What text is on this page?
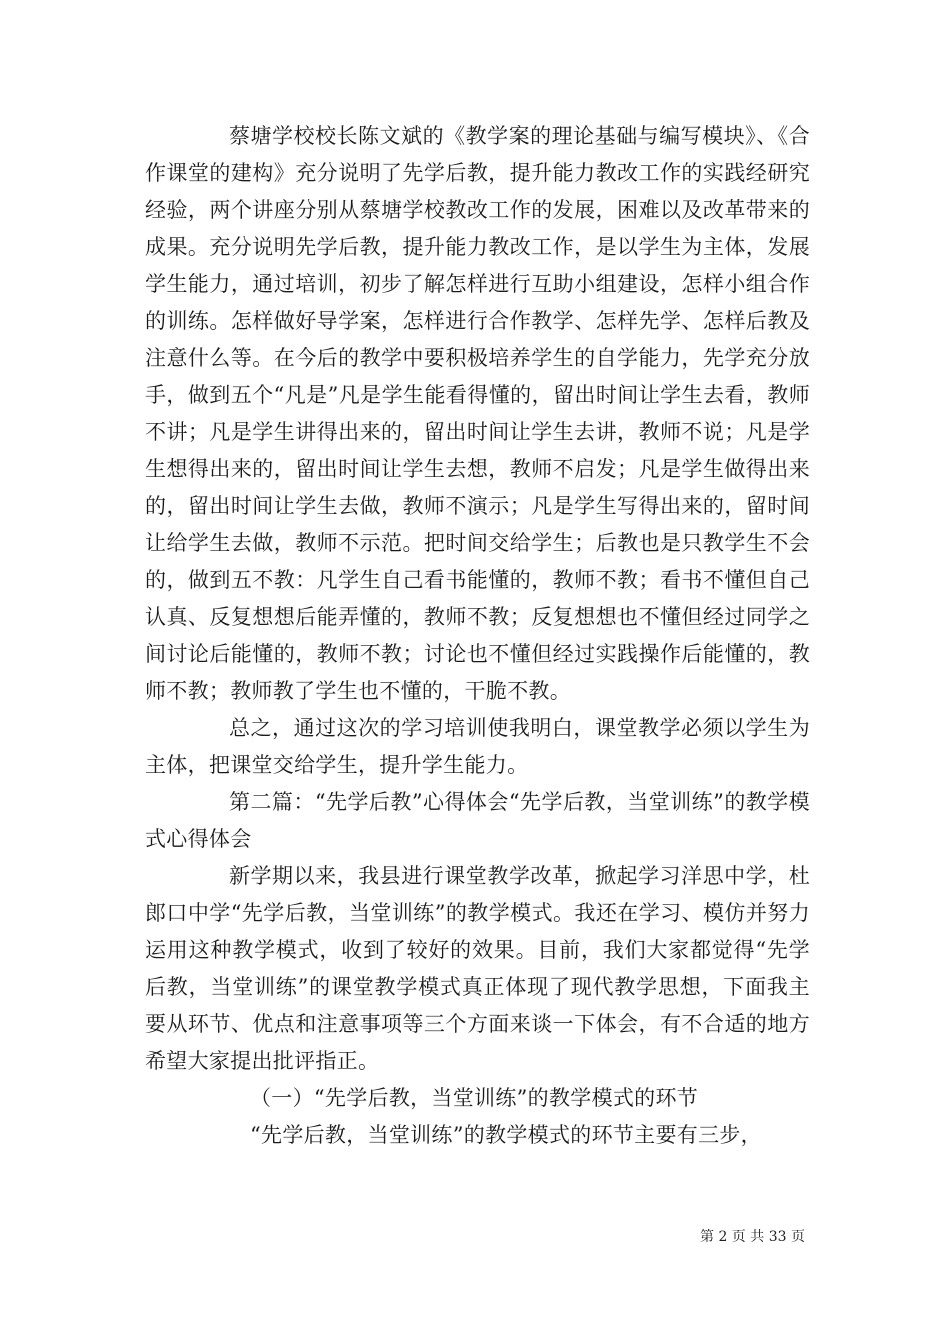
蔡塘学校校长陈文斌的《教学案的理论基础与编写模块》、《合作课堂的建构》充分说明了先学后教，提升能力教改工作的实践经研究经验，两个讲座分别从蔡塘学校教改工作的发展，困难以及改革带来的成果。充分说明先学后教，提升能力教改工作，是以学生为主体，发展学生能力，通过培训，初步了解怎样进行互助小组建设，怎样小组合作的训练。怎样做好导学案，怎样进行合作教学、怎样先学、怎样后教及注意什么等。在今后的教学中要积极培养学生的自学能力，先学充分放手，做到五个“凡是”凡是学生能看得懂的，留出时间让学生去看，教师不讲；凡是学生讲得出来的，留出时间让学生去讲，教师不说；凡是学生想得出来的，留出时间让学生去想，教师不启发；凡是学生做得出来的，留出时间让学生去做，教师不演示；凡是学生写得出来的，留时间让给学生去做，教师不示范。把时间交给学生；后教也是只教学生不会的，做到五不教：凡学生自己看书能懂的，教师不教；看书不懂但自己认真、反复想想后能弄懂的，教师不教；反复想想也不懂但经过同学之间讨论后能懂的，教师不教；讨论也不懂但经过实践操作后能懂的，教师不教；教师教了学生也不懂的，干脆不教。

总之，通过这次的学习培训使我明白，课堂教学必须以学生为主体，把课堂交给学生，提升学生能力。

第二篇：“先学后教”心得体会“先学后教，当堂训练”的教学模式心得体会

新学期以来，我县进行课堂教学改革，掀起学习洋思中学，杜郎口中学“先学后教，当堂训练”的教学模式。我还在学习、模仿并努力运用这种教学模式，收到了较好的效果。目前，我们大家都觉得“先学后教，当堂训练”的课堂教学模式真正体现了现代教学思想，下面我主要从环节、优点和注意事项等三个方面来谈一下体会，有不合适的地方希望大家提出批评指正。

（一）“先学后教，当堂训练”的教学模式的环节

“先学后教，当堂训练”的教学模式的环节主要有三步，

第 2 页 共 33 页
